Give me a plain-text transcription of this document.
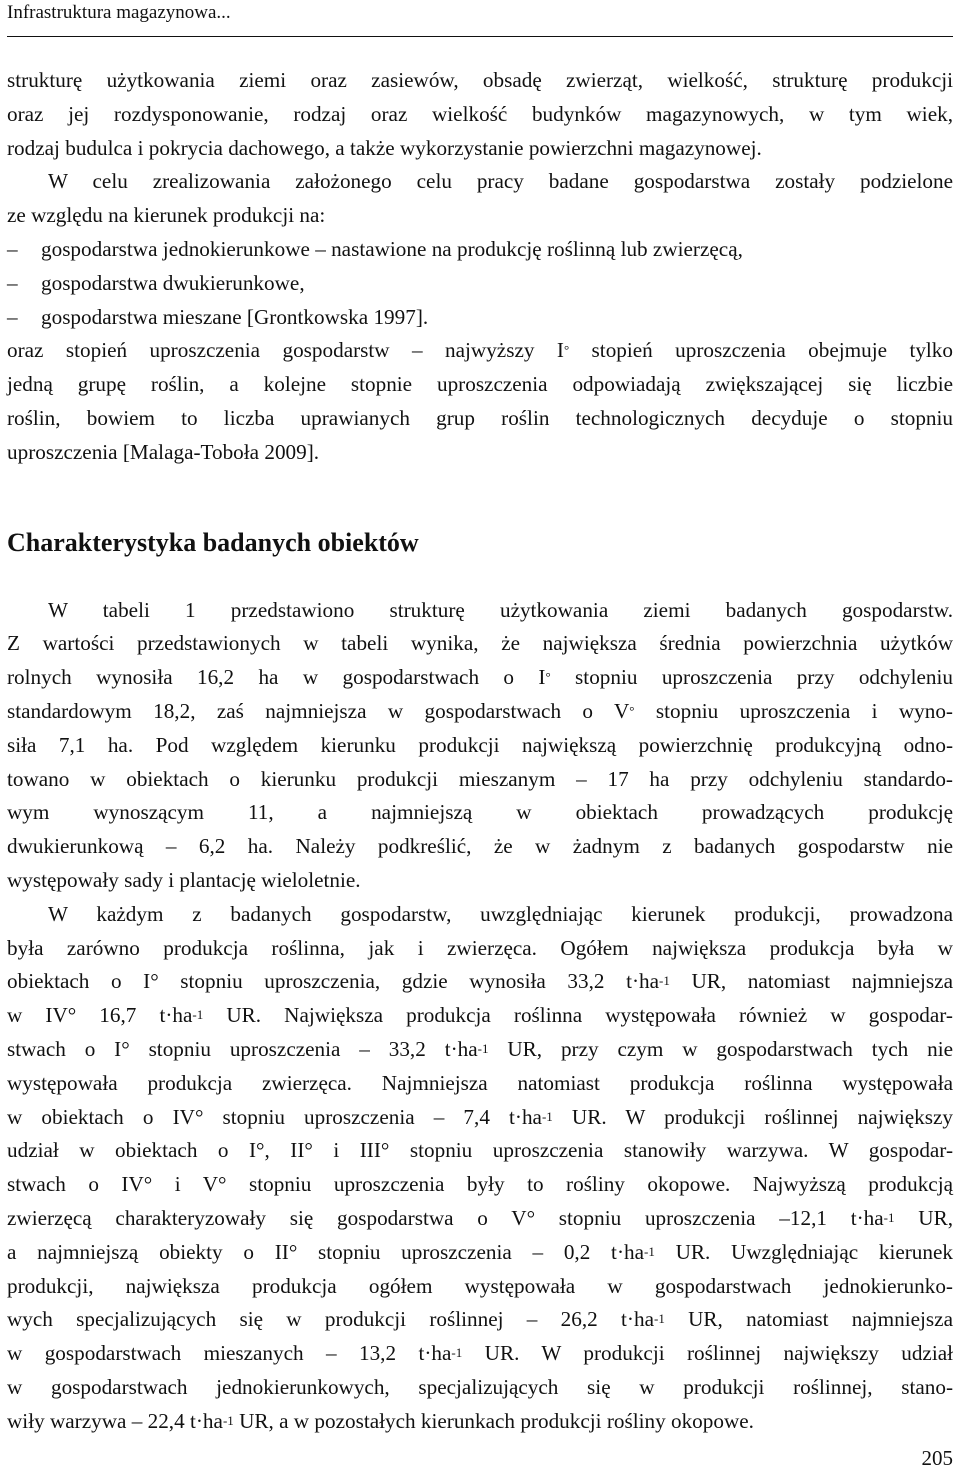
Infrastruktura magazynowa...
strukturę użytkowania ziemi oraz zasiewów, obsadę zwierząt, wielkość, strukturę produkcji
oraz jej rozdysponowanie, rodzaj oraz wielkość budynków magazynowych, w tym wiek,
rodzaj budulca i pokrycia dachowego, a także wykorzystanie powierzchni magazynowej.
W celu zrealizowania założonego celu pracy badane gospodarstwa zostały podzielone
ze względu na kierunek produkcji na:
– gospodarstwa jednokierunkowe – nastawione na produkcję roślinną lub zwierzęcą,
– gospodarstwa dwukierunkowe,
– gospodarstwa mieszane [Grontkowska 1997].
oraz stopień uproszczenia gospodarstw – najwyższy I° stopień uproszczenia obejmuje tylko
jedną grupę roślin, a kolejne stopnie uproszczenia odpowiadają zwiększającej się liczbie
roślin, bowiem to liczba uprawianych grup roślin technologicznych decyduje o stopniu
uproszczenia [Malaga-Toboła 2009].
Charakterystyka badanych obiektów
W tabeli 1 przedstawiono strukturę użytkowania ziemi badanych gospodarstw.
Z wartości przedstawionych w tabeli wynika, że największa średnia powierzchnia użytków
rolnych wynosiła 16,2 ha w gospodarstwach o I° stopniu uproszczenia przy odchyleniu
standardowym 18,2, zaś najmniejsza w gospodarstwach o V° stopniu uproszczenia i wyno-
siła 7,1 ha. Pod względem kierunku produkcji największą powierzchnię produkcyjną odno-
towano w obiektach o kierunku produkcji mieszanym – 17 ha przy odchyleniu standardo-
wym wynoszącym 11, a najmniejszą w obiektach prowadzących produkcję
dwukierunkową – 6,2 ha. Należy podkreślić, że w żadnym z badanych gospodarstw nie
występowały sady i plantację wieloletnie.
W każdym z badanych gospodarstw, uwzględniając kierunek produkcji, prowadzona
była zarówno produkcja roślinna, jak i zwierzęca. Ogółem największa produkcja była w
obiektach o I° stopniu uproszczenia, gdzie wynosiła 33,2 $t\cdot ha^{-1}$ UR, natomiast najmniejsza
w IV° 16,7 $t\cdot ha^{-1}$ UR. Największa produkcja roślinna występowała również w gospodar-
stwach o I° stopniu uproszczenia – 33,2 $t\cdot ha^{-1}$ UR, przy czym w gospodarstwach tych nie
występowała produkcja zwierzęca. Najmniejsza natomiast produkcja roślinna występowała
w obiektach o IV° stopniu uproszczenia – 7,4 $t\cdot ha^{-1}$ UR. W produkcji roślinnej największy
udział w obiektach o I°, II° i III° stopniu uproszczenia stanowiły warzywa. W gospodar-
stwach o IV° i V° stopniu uproszczenia były to rośliny okopowe. Najwyższą produkcją
zwierzęcą charakteryzowały się gospodarstwa o V° stopniu uproszczenia –12,1 $t\cdot ha^{-1}$ UR,
a najmniejszą obiekty o II° stopniu uproszczenia – 0,2 $t\cdot ha^{-1}$ UR. Uwzględniając kierunek
produkcji, największa produkcja ogółem występowała w gospodarstwach jednokierunko-
wych specjalizujących się w produkcji roślinnej – 26,2 $t\cdot ha^{-1}$ UR, natomiast najmniejsza
w gospodarstwach mieszanych – 13,2 $t\cdot ha^{-1}$ UR. W produkcji roślinnej największy udział
w gospodarstwach jednokierunkowych, specjalizujących się w produkcji roślinnej, stano-
wiły warzywa – 22,4 $t\cdot ha^{-1}$ UR, a w pozostałych kierunkach produkcji rośliny okopowe.
205
